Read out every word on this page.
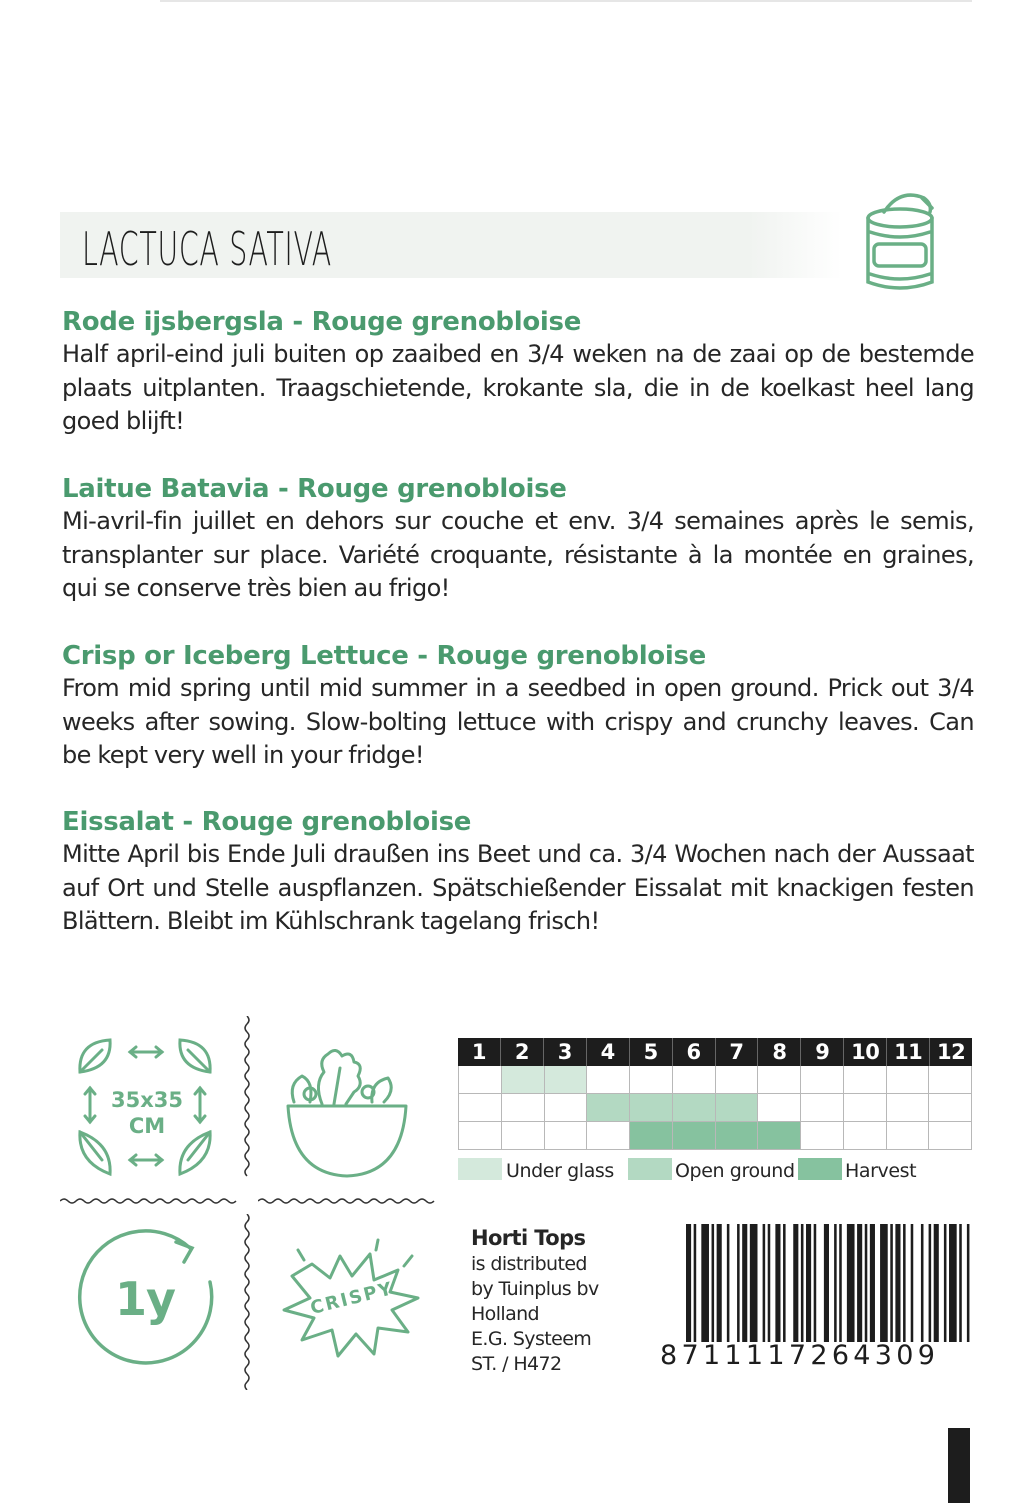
LACTUCA SATIVA
Rode ijsbergsla - Rouge grenobloise

Half april-eind juli buiten op zaaibed en 3/4 weken na de zaai op de bestemde plaats uitplanten. Traagschietende, krokante sla, die in de koelkast heel lang goed blijft!

Laitue Batavia - Rouge grenobloise

Mi-avril-fin juillet en dehors sur couche et env. 3/4 semaines après le semis, transplanter sur place. Variété croquante, résistante à la montée en graines, qui se conserve très bien au frigo!

Crisp or Iceberg Lettuce - Rouge grenobloise

From mid spring until mid summer in a seedbed in open ground. Prick out 3/4 weeks after sowing. Slow-bolting lettuce with crispy and crunchy leaves. Can be kept very well in your fridge!

Eissalat - Rouge grenobloise

Mitte April bis Ende Juli draußen ins Beet und ca. 3/4 Wochen nach der Aussaat auf Ort und Stelle auspflanzen. Spätschießender Eissalat mit knackigen festen Blättern. Bleibt im Kühlschrank tagelang frisch!

35x35
CM
1y	CRISPY
1	2	3	4	5	6	7	8	9	10 11 12
Under glass	Open ground	Harvest
Horti Tops
is distributed
by Tuinplus bv
Holland
E.G. Systeem
ST. / H472	8711117264309
